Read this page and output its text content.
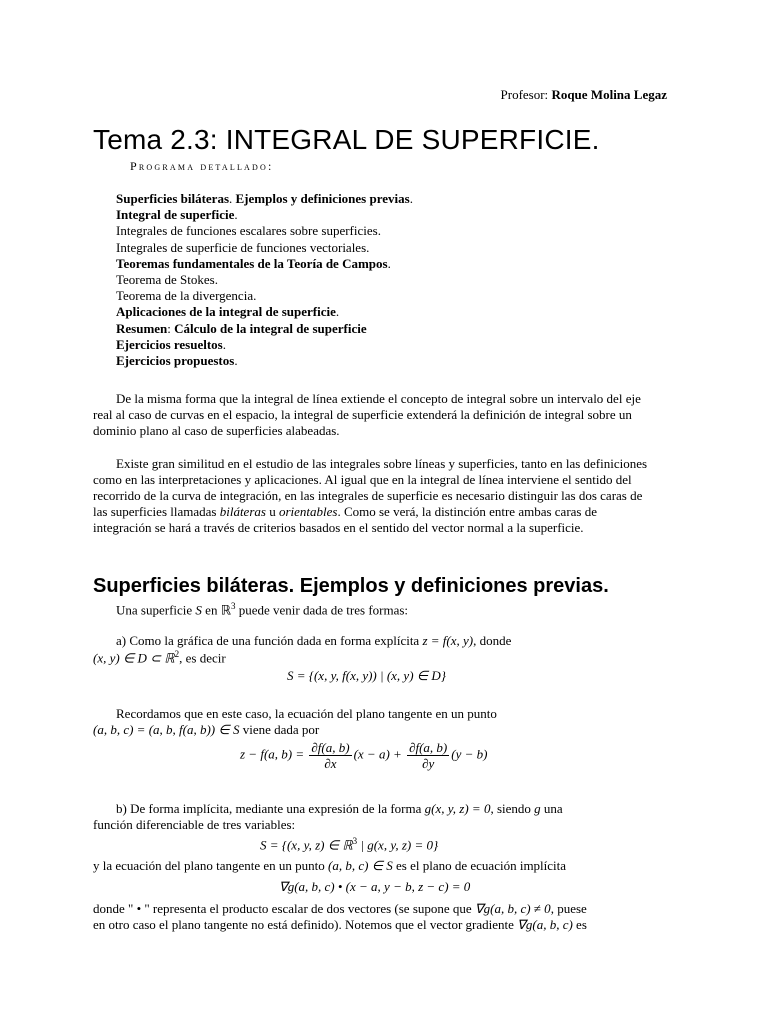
Profesor: Roque Molina Legaz
Tema 2.3: INTEGRAL DE SUPERFICIE.
Programa detallado:
Superficies biláteras. Ejemplos y definiciones previas.
Integral de superficie.
Integrales de funciones escalares sobre superficies.
Integrales de superficie de funciones vectoriales.
Teoremas fundamentales de la Teoría de Campos.
Teorema de Stokes.
Teorema de la divergencia.
Aplicaciones de la integral de superficie.
Resumen: Cálculo de la integral de superficie
Ejercicios resueltos.
Ejercicios propuestos.
De la misma forma que la integral de línea extiende el concepto de integral sobre un intervalo del eje real al caso de curvas en el espacio, la integral de superficie extenderá la definición de integral sobre un dominio plano al caso de superficies alabeadas.
Existe gran similitud en el estudio de las integrales sobre líneas y superficies, tanto en las definiciones como en las interpretaciones y aplicaciones. Al igual que en la integral de línea interviene el sentido del recorrido de la curva de integración, en las integrales de superficie es necesario distinguir las dos caras de las superficies llamadas biláteras u orientables. Como se verá, la distinción entre ambas caras de integración se hará a través de criterios basados en el sentido del vector normal a la superficie.
Superficies biláteras. Ejemplos y definiciones previas.
Una superficie S en ℝ$^3$ puede venir dada de tres formas:
a) Como la gráfica de una función dada en forma explícita z = f(x, y), donde
(x, y) ∈ D ⊂ ℝ$^2$, es decir
S = {(x, y, f(x, y)) | (x, y) ∈ D}
Recordamos que en este caso, la ecuación del plano tangente en un punto
(a, b, c) = (a, b, f(a, b)) ∈ S viene dada por
z − f(a, $b) = \frac{\partial f(a, b)}{\partial x} (x - a) + \frac{\partial f(a, b)}{\partial y} (y - b)$
b) De forma implícita, mediante una expresión de la forma g(x, y, z) = 0, siendo g una
función diferenciable de tres variables:
S = {(x, y, z) ∈ ℝ$^3$ | g(x, y, z) = 0}
y la ecuación del plano tangente en un punto (a, b, c) ∈ S es el plano de ecuación implícita
∇g(a, b, c) • (x − a, y − b, z − c) = 0
donde " • " representa el producto escalar de dos vectores (se supone que ∇g(a, b, c) ≠ 0, puese
en otro caso el plano tangente no está definido). Notemos que el vector gradiente ∇g(a, b, c) es
